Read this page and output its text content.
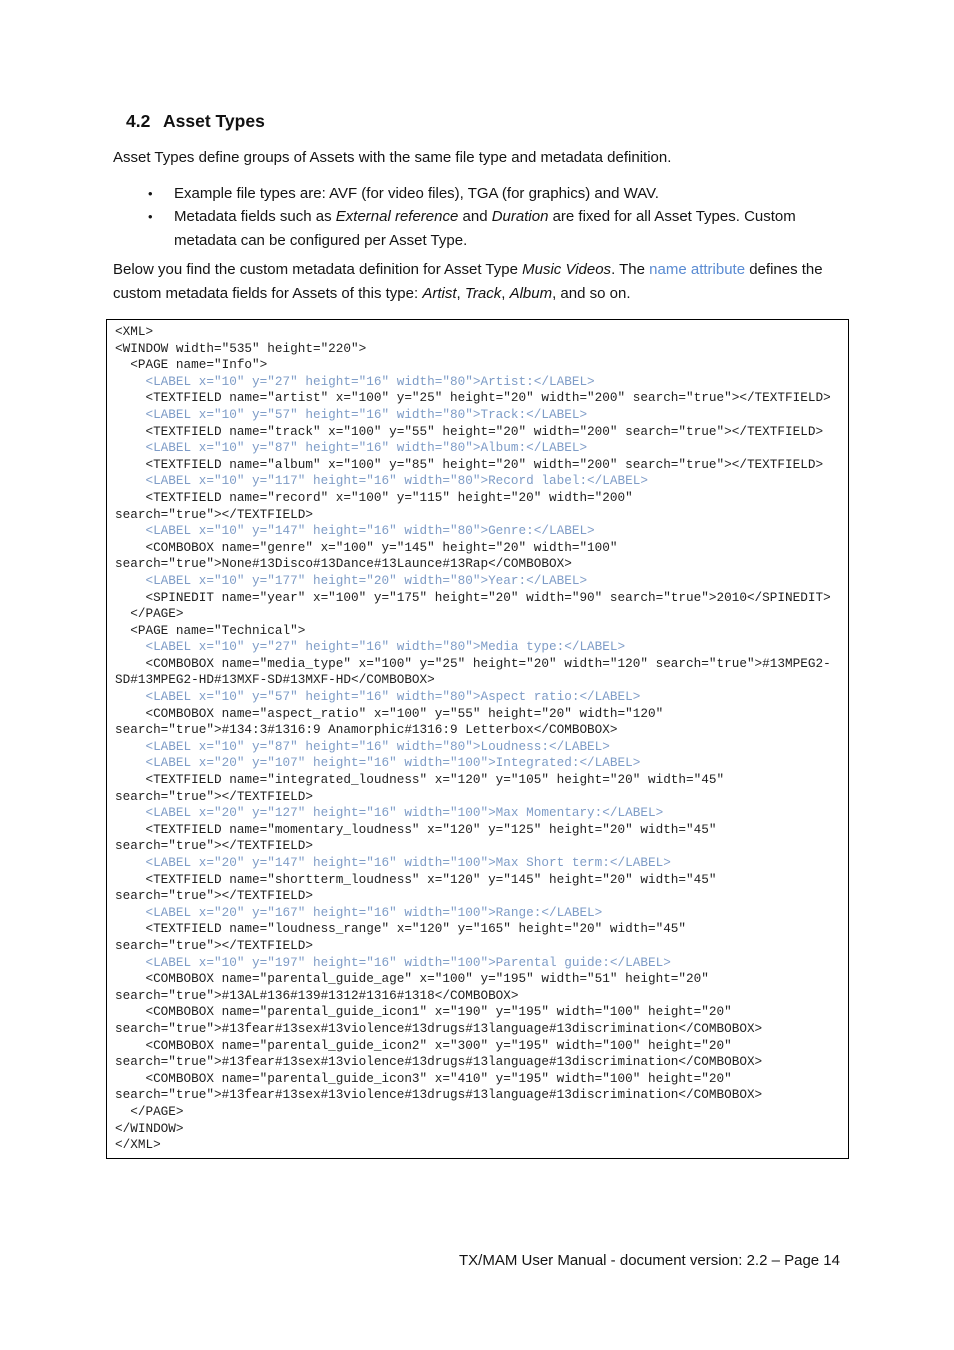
4.2 Asset Types

Asset Types define groups of Assets with the same file type and metadata definition.

•	Example file types are: AVF (for video files), TGA (for graphics) and WAV.
•	Metadata fields such as External reference and Duration are fixed for all Asset Types. Custom metadata can be configured per Asset Type.

Below you find the custom metadata definition for Asset Type Music Videos. The name attribute defines the custom metadata fields for Assets of this type: Artist, Track, Album, and so on.

<XML>
<WINDOW width="535" height="220">
<PAGE name="Info">
<LABEL x="10" y="27" height="16" width="80">Artist:</LABEL>
<TEXTFIELD name="artist" x="100" y="25" height="20" width="200" search="true"></TEXTFIELD>
<LABEL x="10" y="57" height="16" width="80">Track:</LABEL>
<TEXTFIELD name="track" x="100" y="55" height="20" width="200" search="true"></TEXTFIELD>
<LABEL x="10" y="87" height="16" width="80">Album:</LABEL>
<TEXTFIELD name="album" x="100" y="85" height="20" width="200" search="true"></TEXTFIELD>
<LABEL x="10" y="117" height="16" width="80">Record label:</LABEL>
<TEXTFIELD name="record" x="100" y="115" height="20" width="200"
search="true"></TEXTFIELD>
<LABEL x="10" y="147" height="16" width="80">Genre:</LABEL>
<COMBOBOX name="genre" x="100" y="145" height="20" width="100"
search="true">None#13Disco#13Dance#13Launce#13Rap</COMBOBOX>
<LABEL x="10" y="177" height="20" width="80">Year:</LABEL>
<SPINEDIT name="year" x="100" y="175" height="20" width="90" search="true">2010</SPINEDIT>
</PAGE>
<PAGE name="Technical">
<LABEL x="10" y="27" height="16" width="80">Media type:</LABEL>
<COMBOBOX name="media_type" x="100" y="25" height="20" width="120" search="true">#13MPEG2-
SD#13MPEG2-HD#13MXF-SD#13MXF-HD</COMBOBOX>
<LABEL x="10" y="57" height="16" width="80">Aspect ratio:</LABEL>
<COMBOBOX name="aspect_ratio" x="100" y="55" height="20" width="120"
search="true">#134:3#1316:9 Anamorphic#1316:9 Letterbox</COMBOBOX>
<LABEL x="10" y="87" height="16" width="80">Loudness:</LABEL>
<LABEL x="20" y="107" height="16" width="100">Integrated:</LABEL>
<TEXTFIELD name="integrated_loudness" x="120" y="105" height="20" width="45"
search="true"></TEXTFIELD>
<LABEL x="20" y="127" height="16" width="100">Max Momentary:</LABEL>
<TEXTFIELD name="momentary_loudness" x="120" y="125" height="20" width="45"
search="true"></TEXTFIELD>
<LABEL x="20" y="147" height="16" width="100">Max Short term:</LABEL>
<TEXTFIELD name="shortterm_loudness" x="120" y="145" height="20" width="45"
search="true"></TEXTFIELD>
<LABEL x="20" y="167" height="16" width="100">Range:</LABEL>
<TEXTFIELD name="loudness_range" x="120" y="165" height="20" width="45"
search="true"></TEXTFIELD>
<LABEL x="10" y="197" height="16" width="100">Parental guide:</LABEL>
<COMBOBOX name="parental_guide_age" x="100" y="195" width="51" height="20"
search="true">#13AL#136#139#1312#1316#1318</COMBOBOX>
<COMBOBOX name="parental_guide_icon1" x="190" y="195" width="100" height="20"
search="true">#13fear#13sex#13violence#13drugs#13language#13discrimination</COMBOBOX>
<COMBOBOX name="parental_guide_icon2" x="300" y="195" width="100" height="20"
search="true">#13fear#13sex#13violence#13drugs#13language#13discrimination</COMBOBOX>
<COMBOBOX name="parental_guide_icon3" x="410" y="195" width="100" height="20"
search="true">#13fear#13sex#13violence#13drugs#13language#13discrimination</COMBOBOX>
</PAGE>
</WINDOW>
</XML>
TX/MAM User Manual - document version: 2.2 – Page 14
